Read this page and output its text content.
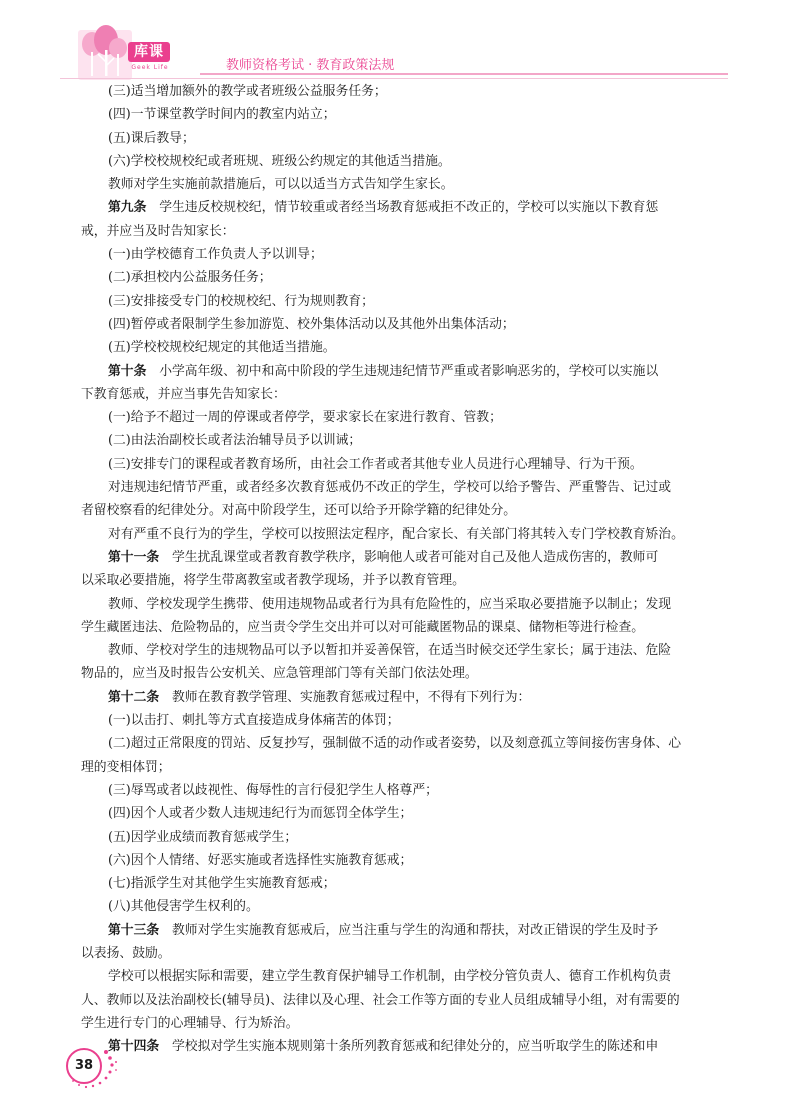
库课
Geek Life	教师资格考试 · 教育政策法规

(三)适当增加额外的教学或者班级公益服务任务；

(四)一节课堂教学时间内的教室内站立；

(五)课后教导；

(六)学校校规校纪或者班规、班级公约规定的其他适当措施。

教师对学生实施前款措施后，可以以适当方式告知学生家长。

第九条　学生违反校规校纪，情节较重或者经当场教育惩戒拒不改正的，学校可以实施以下教育惩

戒，并应当及时告知家长：

(一)由学校德育工作负责人予以训导；

(二)承担校内公益服务任务；

(三)安排接受专门的校规校纪、行为规则教育；

(四)暂停或者限制学生参加游览、校外集体活动以及其他外出集体活动；

(五)学校校规校纪规定的其他适当措施。

第十条　小学高年级、初中和高中阶段的学生违规违纪情节严重或者影响恶劣的，学校可以实施以

下教育惩戒，并应当事先告知家长：

(一)给予不超过一周的停课或者停学，要求家长在家进行教育、管教；

(二)由法治副校长或者法治辅导员予以训诫；

(三)安排专门的课程或者教育场所，由社会工作者或者其他专业人员进行心理辅导、行为干预。

对违规违纪情节严重，或者经多次教育惩戒仍不改正的学生，学校可以给予警告、严重警告、记过或

者留校察看的纪律处分。对高中阶段学生，还可以给予开除学籍的纪律处分。

对有严重不良行为的学生，学校可以按照法定程序，配合家长、有关部门将其转入专门学校教育矫治。

第十一条　学生扰乱课堂或者教育教学秩序，影响他人或者可能对自己及他人造成伤害的，教师可

以采取必要措施，将学生带离教室或者教学现场，并予以教育管理。

教师、学校发现学生携带、使用违规物品或者行为具有危险性的，应当采取必要措施予以制止；发现

学生藏匿违法、危险物品的，应当责令学生交出并可以对可能藏匿物品的课桌、储物柜等进行检查。

教师、学校对学生的违规物品可以予以暂扣并妥善保管，在适当时候交还学生家长；属于违法、危险

物品的，应当及时报告公安机关、应急管理部门等有关部门依法处理。

第十二条　教师在教育教学管理、实施教育惩戒过程中，不得有下列行为：

(一)以击打、刺扎等方式直接造成身体痛苦的体罚；

(二)超过正常限度的罚站、反复抄写，强制做不适的动作或者姿势，以及刻意孤立等间接伤害身体、心

理的变相体罚；

(三)辱骂或者以歧视性、侮辱性的言行侵犯学生人格尊严；

(四)因个人或者少数人违规违纪行为而惩罚全体学生；

(五)因学业成绩而教育惩戒学生；

(六)因个人情绪、好恶实施或者选择性实施教育惩戒；

(七)指派学生对其他学生实施教育惩戒；

(八)其他侵害学生权利的。

第十三条　教师对学生实施教育惩戒后，应当注重与学生的沟通和帮扶，对改正错误的学生及时予

以表扬、鼓励。

学校可以根据实际和需要，建立学生教育保护辅导工作机制，由学校分管负责人、德育工作机构负责

人、教师以及法治副校长(辅导员)、法律以及心理、社会工作等方面的专业人员组成辅导小组，对有需要的

学生进行专门的心理辅导、行为矫治。

第十四条　学校拟对学生实施本规则第十条所列教育惩戒和纪律处分的，应当听取学生的陈述和申

38
